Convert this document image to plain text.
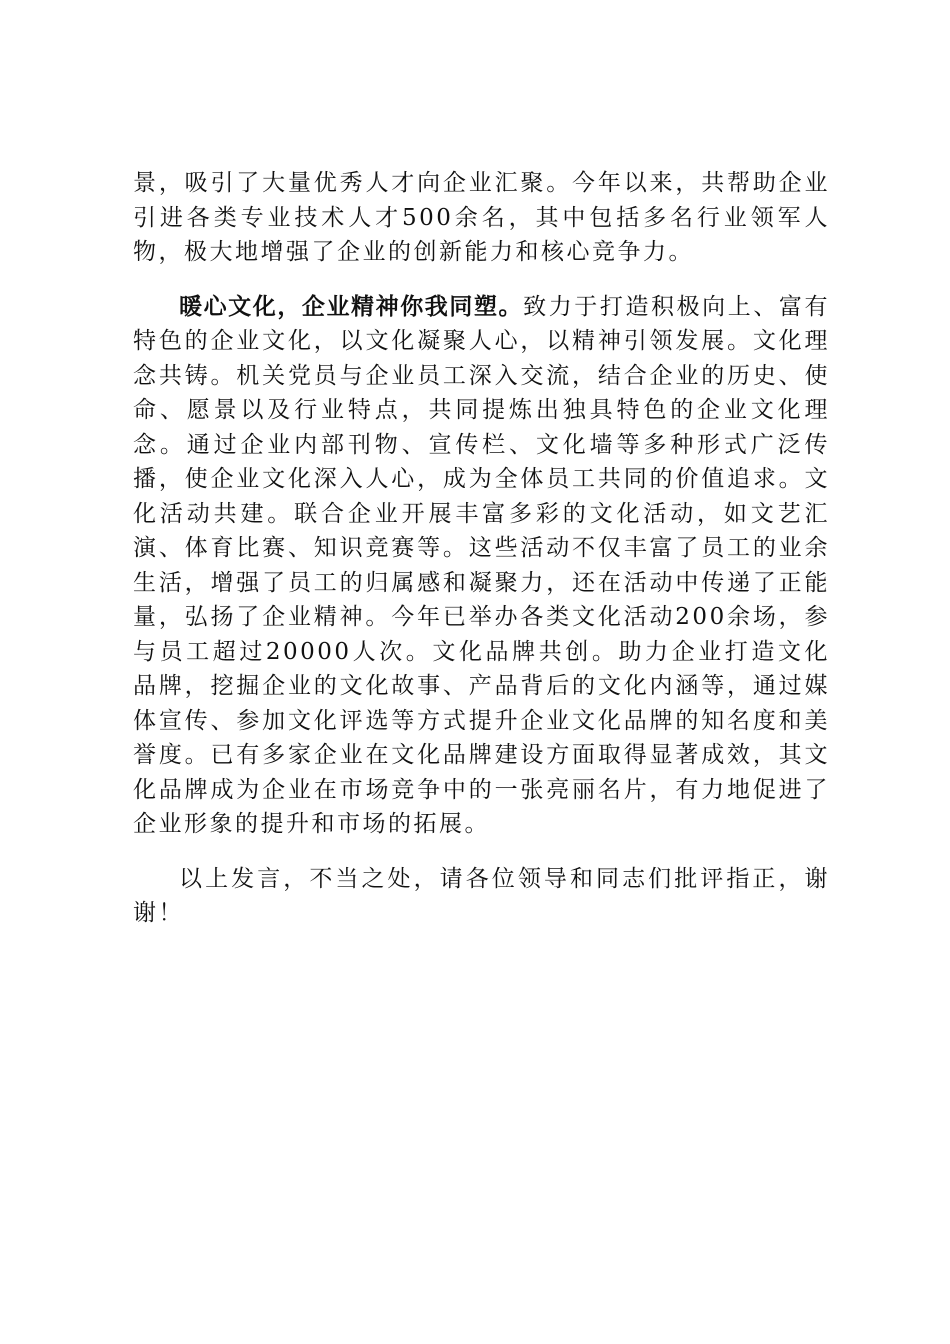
景，吸引了大量优秀人才向企业汇聚。今年以来，共帮助企业引进各类专业技术人才500余名，其中包括多名行业领军人物，极大地增强了企业的创新能力和核心竞争力。

暖心文化，企业精神你我同塑。致力于打造积极向上、富有特色的企业文化，以文化凝聚人心，以精神引领发展。文化理念共铸。机关党员与企业员工深入交流，结合企业的历史、使命、愿景以及行业特点，共同提炼出独具特色的企业文化理念。通过企业内部刊物、宣传栏、文化墙等多种形式广泛传播，使企业文化深入人心，成为全体员工共同的价值追求。文化活动共建。联合企业开展丰富多彩的文化活动，如文艺汇演、体育比赛、知识竞赛等。这些活动不仅丰富了员工的业余生活，增强了员工的归属感和凝聚力，还在活动中传递了正能量，弘扬了企业精神。今年已举办各类文化活动200余场，参与员工超过20000人次。文化品牌共创。助力企业打造文化品牌，挖掘企业的文化故事、产品背后的文化内涵等，通过媒体宣传、参加文化评选等方式提升企业文化品牌的知名度和美誉度。已有多家企业在文化品牌建设方面取得显著成效，其文化品牌成为企业在市场竞争中的一张亮丽名片，有力地促进了企业形象的提升和市场的拓展。

以上发言，不当之处，请各位领导和同志们批评指正，谢谢！
